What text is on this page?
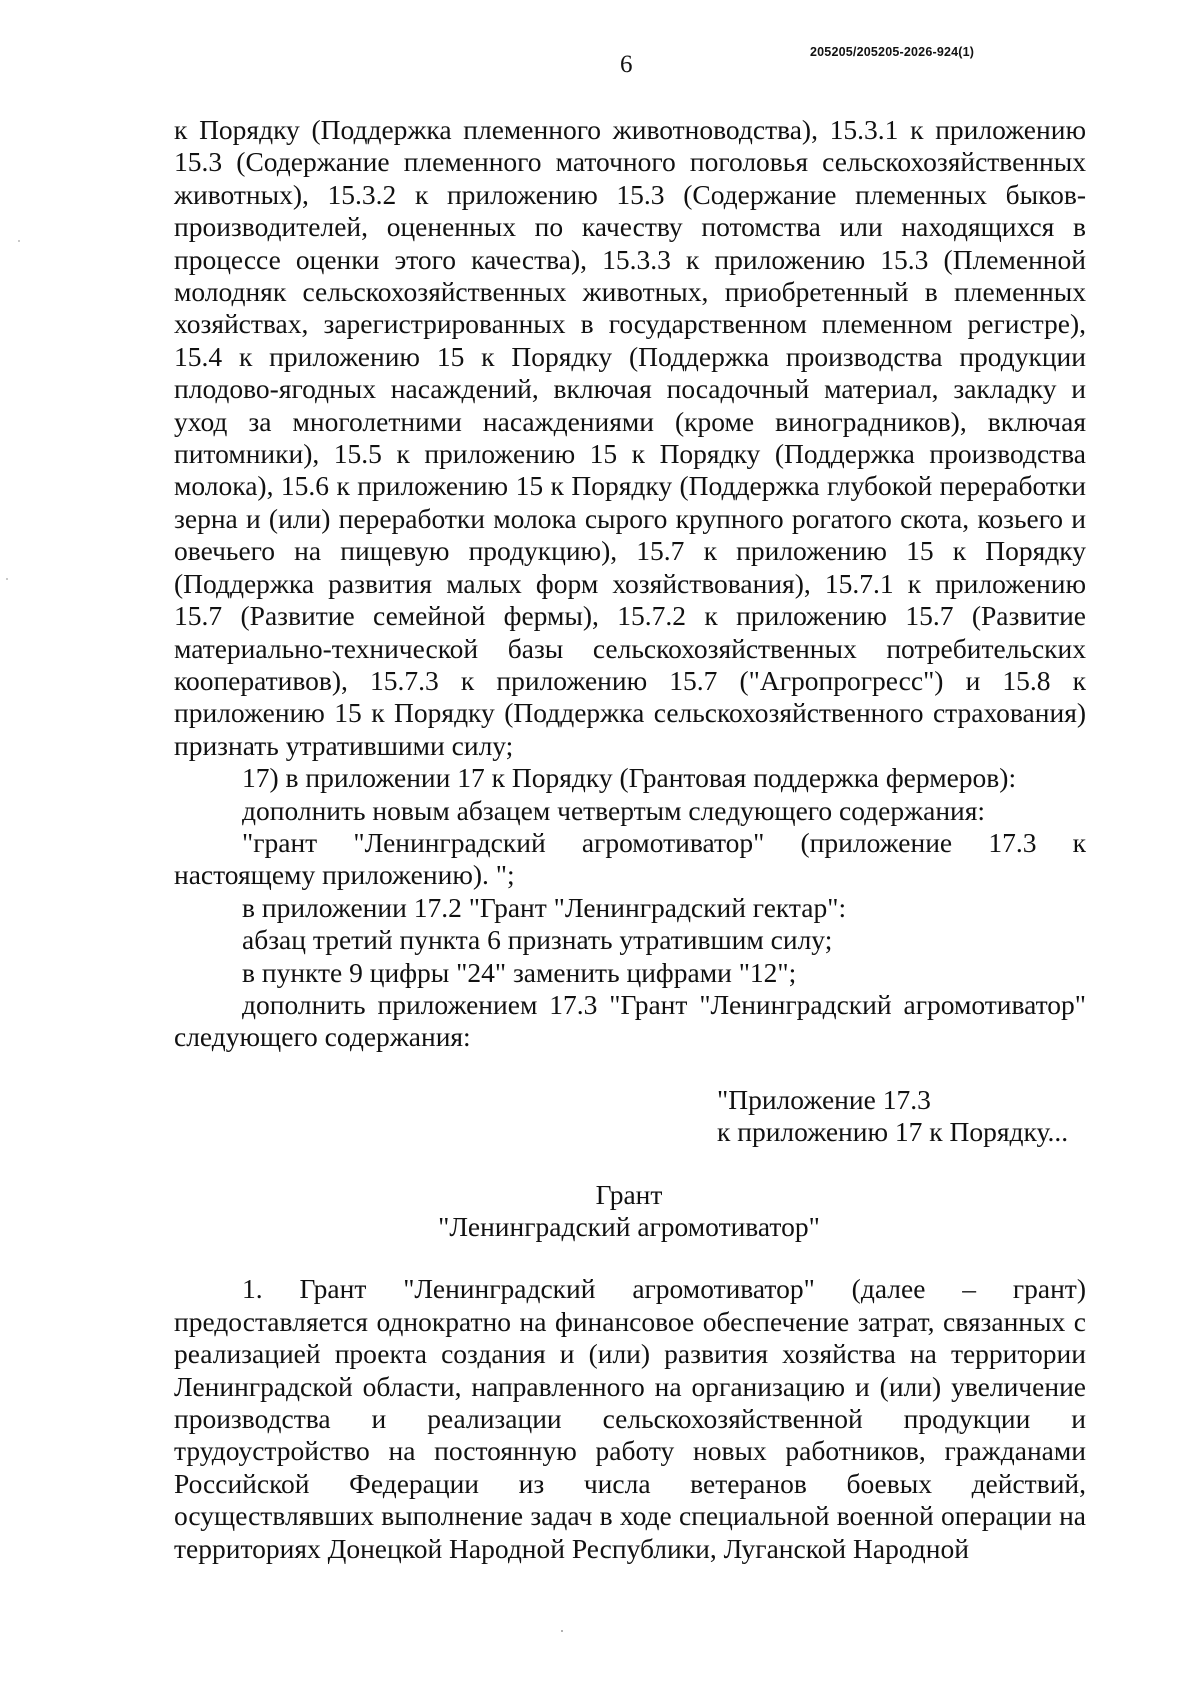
6	205205/205205-2026-924(1)

к Порядку (Поддержка племенного животноводства), 15.3.1 к приложению 15.3 (Содержание племенного маточного поголовья сельскохозяйственных животных), 15.3.2 к приложению 15.3 (Содержание племенных быков-производителей, оцененных по качеству потомства или находящихся в процессе оценки этого качества), 15.3.3 к приложению 15.3 (Племенной молодняк сельскохозяйственных животных, приобретенный в племенных хозяйствах, зарегистрированных в государственном племенном регистре), 15.4 к приложению 15 к Порядку (Поддержка производства продукции плодово-ягодных насаждений, включая посадочный материал, закладку и уход за многолетними насаждениями (кроме виноградников), включая питомники), 15.5 к приложению 15 к Порядку (Поддержка производства молока), 15.6 к приложению 15 к Порядку (Поддержка глубокой переработки зерна и (или) переработки молока сырого крупного рогатого скота, козьего и овечьего на пищевую продукцию), 15.7 к приложению 15 к Порядку (Поддержка развития малых форм хозяйствования), 15.7.1 к приложению 15.7 (Развитие семейной фермы), 15.7.2 к приложению 15.7 (Развитие материально-технической базы сельскохозяйственных потребительских кооперативов), 15.7.3 к приложению 15.7 ("Агропрогресс") и 15.8 к приложению 15 к Порядку (Поддержка сельскохозяйственного страхования) признать утратившими силу;

17) в приложении 17 к Порядку (Грантовая поддержка фермеров):

дополнить новым абзацем четвертым следующего содержания:

"грант "Ленинградский агромотиватор" (приложение 17.3 к настоящему приложению). ";

в приложении 17.2 "Грант "Ленинградский гектар":

абзац третий пункта 6 признать утратившим силу;

в пункте 9 цифры "24" заменить цифрами "12";

дополнить приложением 17.3 "Грант "Ленинградский агромотиватор" следующего содержания:

"Приложение 17.3
к приложению 17 к Порядку...
Грант
"Ленинградский агромотиватор"

1. Грант "Ленинградский агромотиватор" (далее – грант) предоставляется однократно на финансовое обеспечение затрат, связанных с реализацией проекта создания и (или) развития хозяйства на территории Ленинградской области, направленного на организацию и (или) увеличение производства и реализации сельскохозяйственной продукции и трудоустройство на постоянную работу новых работников, гражданами Российской Федерации из числа ветеранов боевых действий, осуществлявших выполнение задач в ходе специальной военной операции на территориях Донецкой Народной Республики, Луганской Народной
